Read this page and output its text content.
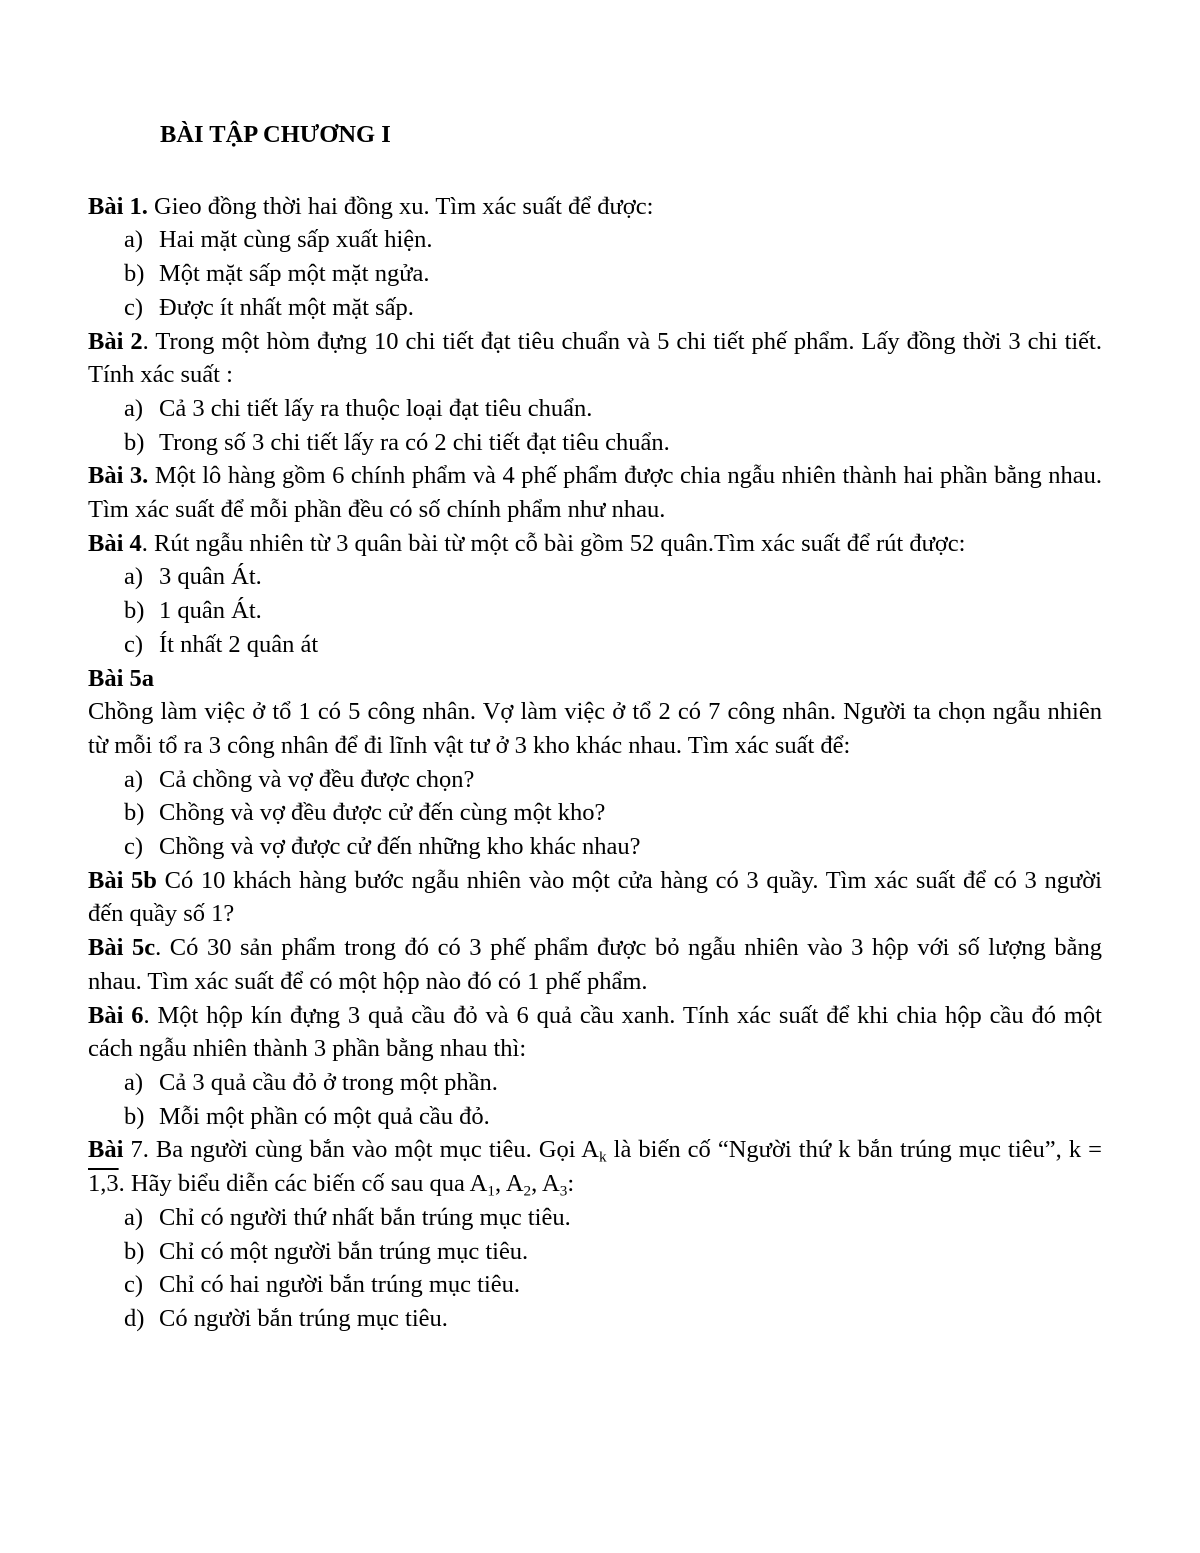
BÀI TẬP CHƯƠNG I

Bài 1. Gieo đồng thời hai đồng xu. Tìm xác suất để được:

a) Hai mặt cùng sấp xuất hiện.
b) Một mặt sấp một mặt ngửa.
c) Được ít nhất một mặt sấp.

Bài 2. Trong một hòm đựng 10 chi tiết đạt tiêu chuẩn và 5 chi tiết phế phẩm. Lấy đồng thời 3 chi tiết. Tính xác suất :

a) Cả 3 chi tiết lấy ra thuộc loại đạt tiêu chuẩn.
b) Trong số 3 chi tiết lấy ra có 2 chi tiết đạt tiêu chuẩn.

Bài 3. Một lô hàng gồm 6 chính phẩm và 4 phế phẩm được chia ngẫu nhiên thành hai phần bằng nhau. Tìm xác suất để mỗi phần đều có số chính phẩm như nhau.

Bài 4. Rút ngẫu nhiên từ 3 quân bài từ một cỗ bài gồm 52 quân.Tìm xác suất để rút được:

a) 3 quân Át.
b) 1 quân Át.
c) Ít nhất 2 quân át

Bài 5a

Chồng làm việc ở tổ 1 có 5 công nhân. Vợ làm việc ở tổ 2 có 7 công nhân. Người ta chọn ngẫu nhiên từ mỗi tổ ra 3 công nhân để đi lĩnh vật tư ở 3 kho khác nhau. Tìm xác suất để:

a) Cả chồng và vợ đều được chọn?
b) Chồng và vợ đều được cử đến cùng một kho?
c) Chồng và vợ được cử đến những kho khác nhau?

Bài 5b Có 10 khách hàng bước ngẫu nhiên vào một cửa hàng có 3 quầy. Tìm xác suất để có 3 người đến quầy số 1?

Bài 5c. Có 30 sản phẩm trong đó có 3 phế phẩm được bỏ ngẫu nhiên vào 3 hộp với số lượng bằng nhau. Tìm xác suất để có một hộp nào đó có 1 phế phẩm.

Bài 6. Một hộp kín đựng 3 quả cầu đỏ và 6 quả cầu xanh. Tính xác suất để khi chia hộp cầu đó một cách ngẫu nhiên thành 3 phần bằng nhau thì:

a) Cả 3 quả cầu đỏ ở trong một phần.
b) Mỗi một phần có một quả cầu đỏ.

Bài 7. Ba người cùng bắn vào một mục tiêu. Gọi $A_k$ là biến cố “Người thứ k bắn trúng mục tiêu”, k = 1,3. Hãy biểu diễn các biến cố sau qua $A_1$, $A_2$, $A_3$:

a) Chỉ có người thứ nhất bắn trúng mục tiêu.
b) Chỉ có một người bắn trúng mục tiêu.
c) Chỉ có hai người bắn trúng mục tiêu.
d) Có người bắn trúng mục tiêu.
